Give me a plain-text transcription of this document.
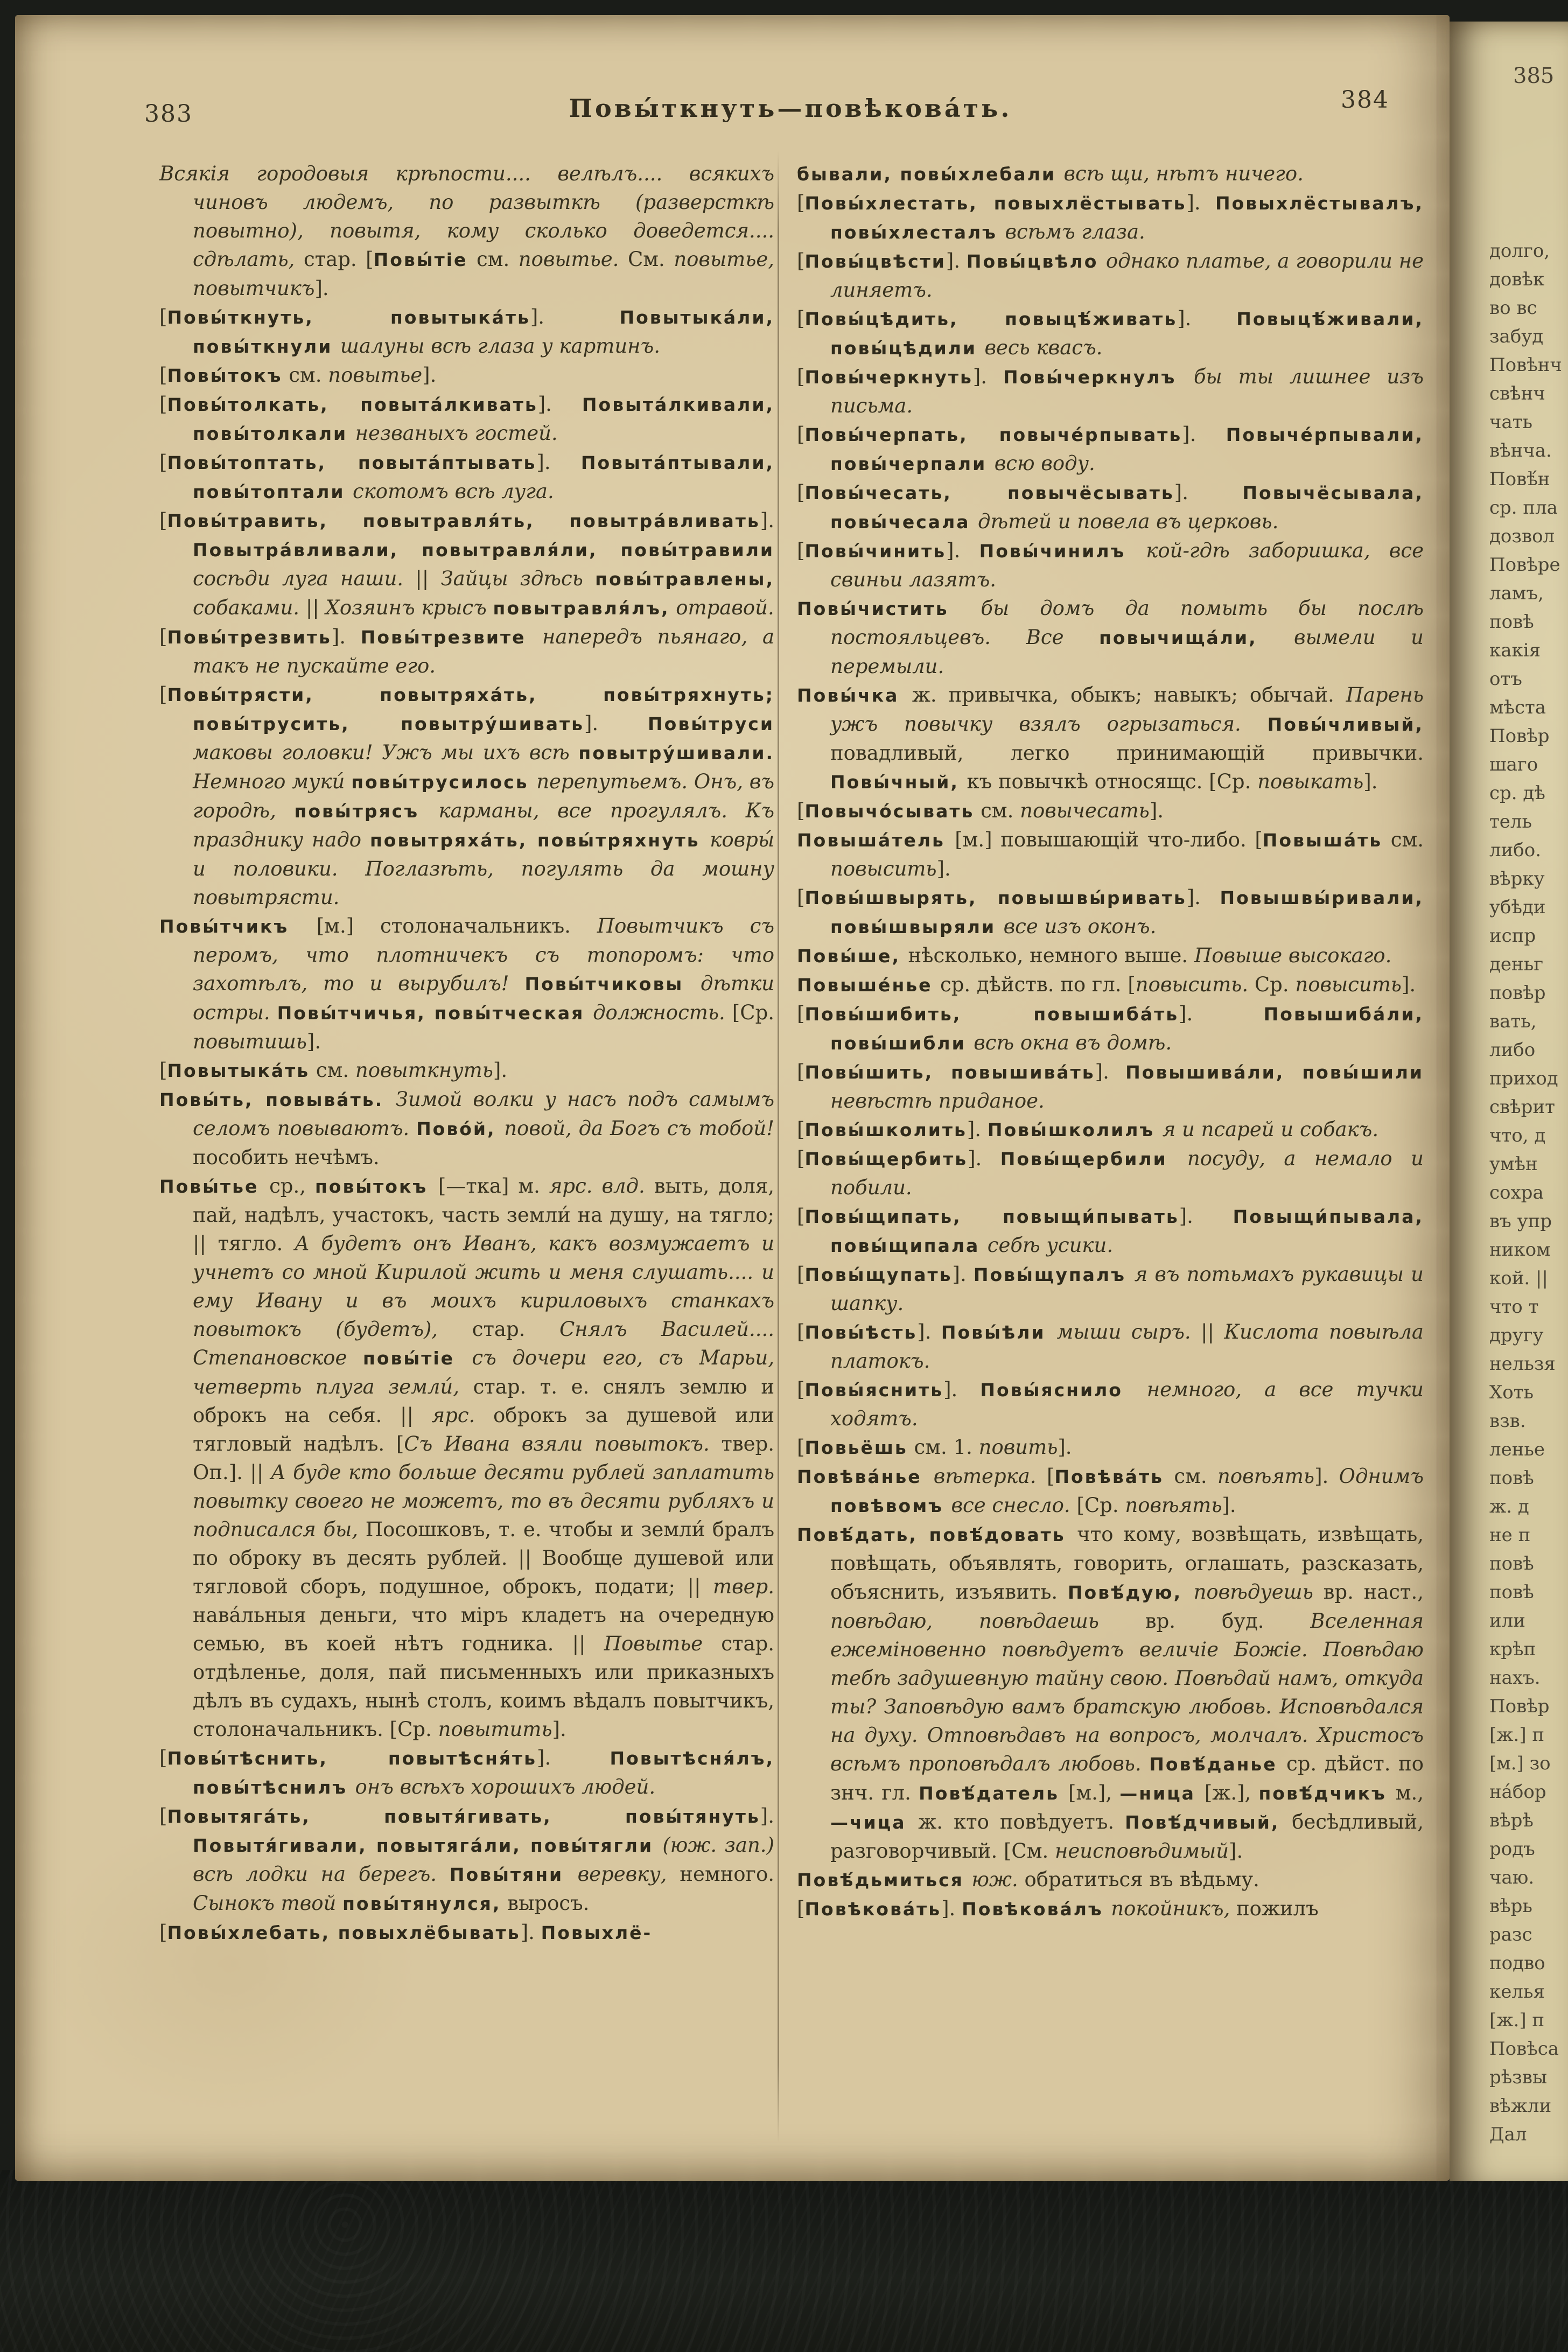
383	Повы́ткнуть—повѣкова́ть.	384

Всякія городовыя крѣпости.... велѣлъ.... всякихъ чиновъ людемъ, по развыткѣ (разверсткѣ повытно), повытя, кому сколько доведется.... сдѣлать, стар. [Повы́тіе см. повытье. См. повытье, повытчикъ].

[Повы́ткнуть, повытыка́ть]. Повытыка́ли, повы́ткнули шалуны всѣ глаза у картинъ.

[Повы́токъ см. повытье].

[Повы́толкать, повыта́лкивать]. Повыта́лкивали, повы́толкали незваныхъ гостей.

[Повы́топтать, повыта́птывать]. Повыта́птывали, повы́топтали скотомъ всѣ луга.

[Повы́травить, повытравля́ть, повытра́вливать]. Повытра́вливали, повытравля́ли, повы́травили сосѣди луга наши. || Зайцы здѣсь повы́травлены, собаками. || Хозяинъ крысъ повытравля́лъ, отравой.

[Повы́трезвить]. Повы́трезвите напередъ пьянаго, а такъ не пускайте его.

[Повы́трясти, повытряха́ть, повы́тряхнуть; повы́трусить, повытру́шивать]. Повы́труси маковы головки! Ужъ мы ихъ всѣ повытру́шивали. Немного муки́ повы́трусилось перепутьемъ. Онъ, въ городѣ, повы́трясъ карманы, все прогулялъ. Къ празднику надо повытряха́ть, повы́тряхнуть ковры́ и половики. Поглазѣть, погулять да мошну повытрясти.

Повы́тчикъ [м.] столоначальникъ. Повытчикъ съ перомъ, что плотничекъ съ топоромъ: что захотѣлъ, то и вырубилъ! Повы́тчиковы дѣтки остры. Повы́тчичья, повы́тческая должность. [Ср. повытишь].

[Повытыка́ть см. повыткнуть].

Повы́ть, повыва́ть. Зимой волки у насъ подъ самымъ селомъ повываютъ. Пово́й, повой, да Богъ съ тобой! пособить нечѣмъ.

Повы́тье ср., повы́токъ [—тка] м. ярс. влд. выть, доля, пай, надѣлъ, участокъ, часть земли́ на душу, на тягло; || тягло. А будетъ онъ Иванъ, какъ возмужаетъ и учнетъ со мной Кирилой жить и меня слушать.... и ему Ивану и въ моихъ кириловыхъ станкахъ повытокъ (будетъ), стар. Снялъ Василей.... Степановское повы́тіе съ дочери его, съ Марьи, четверть плуга земли́, стар. т. е. снялъ землю и оброкъ на себя. || ярс. оброкъ за душевой или тягловый надѣлъ. [Съ Ивана взяли повытокъ. твер. Оп.]. || А буде кто больше десяти рублей заплатить повытку своего не можетъ, то въ десяти рубляхъ и подписался бы, Посошковъ, т. е. чтобы и земли́ бралъ по оброку въ десять рублей. || Вообще душевой или тягловой сборъ, подушное, оброкъ, подати; || твер. нава́льныя деньги, что міръ кладетъ на очередную семью, въ коей нѣтъ годника. || Повытье стар. отдѣленье, доля, пай письменныхъ или приказныхъ дѣлъ въ судахъ, нынѣ столъ, коимъ вѣдалъ повытчикъ, столоначальникъ. [Ср. повытить].

[Повы́тѣснить, повытѣсня́ть]. Повытѣсня́лъ, повы́тѣснилъ онъ всѣхъ хорошихъ людей.

[Повытяга́ть, повытя́гивать, повы́тянуть]. Повытя́гивали, повытяга́ли, повы́тягли (юж. зап.) всѣ лодки на берегъ. Повы́тяни веревку, немного. Сынокъ твой повы́тянулся, выросъ.

[Повы́хлебать, повыхлёбывать]. Повыхлё-

бывали, повы́хлебали всѣ щи, нѣтъ ничего.

[Повы́хлестать, повыхлёстывать]. Повыхлёстывалъ, повы́хлесталъ всѣмъ глаза.

[Повы́цвѣсти]. Повы́цвѣло однако платье, а говорили не линяетъ.

[Повы́цѣдить, повыцѣ́живать]. Повыцѣ́живали, повы́цѣдили весь квасъ.

[Повы́черкнуть]. Повы́черкнулъ бы ты лишнее изъ письма.

[Повы́черпать, повыче́рпывать]. Повыче́рпывали, повы́черпали всю воду.

[Повы́чесать, повычёсывать]. Повычёсывала, повы́чесала дѣтей и повела въ церковь.

[Повы́чинить]. Повы́чинилъ кой-гдѣ заборишка, все свиньи лазятъ.

Повы́чистить бы домъ да помыть бы послѣ постояльцевъ. Все повычища́ли, вымели и перемыли.

Повы́чка ж. привычка, обыкъ; навыкъ; обычай. Парень ужъ повычку взялъ огрызаться. Повы́чливый, повадливый, легко принимающій привычки. Повы́чный, къ повычкѣ относящс. [Ср. повыкать].

[Повычо́сывать см. повычесать].

Повыша́тель [м.] повышающій что-либо. [Повыша́ть см. повысить].

[Повы́швырять, повышвы́ривать]. Повышвы́ривали, повы́швыряли все изъ оконъ.

Повы́ше, нѣсколько, немного выше. Повыше высокаго.

Повыше́нье ср. дѣйств. по гл. [повысить. Ср. повысить].

[Повы́шибить, повышиба́ть]. Повышиба́ли, повы́шибли всѣ окна въ домѣ.

[Повы́шить, повышива́ть]. Повышива́ли, повы́шили невѣстѣ приданое.

[Повы́школить]. Повы́школилъ я и псарей и собакъ.

[Повы́щербить]. Повы́щербили посуду, а немало и побили.

[Повы́щипать, повыщи́пывать]. Повыщи́пывала, повы́щипала себѣ усики.

[Повы́щупать]. Повы́щупалъ я въ потьмахъ рукавицы и шапку.

[Повы́ѣсть]. Повы́ѣли мыши сыръ. || Кислота повыѣла платокъ.

[Повы́яснить]. Повы́яснило немного, а все тучки ходятъ.

[Повьёшь см. 1. повить].

Повѣва́нье вѣтерка. [Повѣва́ть см. повѣять]. Однимъ повѣвомъ все снесло. [Ср. повѣять].

Повѣ́дать, повѣ́довать что кому, возвѣщать, извѣщать, повѣщать, объявлять, говорить, оглашать, разсказать, объяснить, изъявить. Повѣ́дую, повѣдуешь вр. наст., повѣдаю, повѣдаешь вр. буд. Вселенная ежеміновенно повѣдуетъ величіе Божіе. Повѣдаю тебѣ задушевную тайну свою. Повѣдай намъ, откуда ты? Заповѣдую вамъ братскую любовь. Исповѣдался на духу. Отповѣдавъ на вопросъ, молчалъ. Христосъ всѣмъ проповѣдалъ любовь. Повѣ́данье ср. дѣйст. по знч. гл. Повѣ́датель [м.], —ница [ж.], повѣ́дчикъ м., —чица ж. кто повѣдуетъ. Повѣ́дчивый, бесѣдливый, разговорчивый. [См. неисповѣдимый].

Повѣ́дьмиться юж. обратиться въ вѣдьму.

[Повѣкова́ть]. Повѣкова́лъ покойникъ, пожилъ

385
долго,
довѣк
во вс
забуд
Повѣнч
свѣнч
чать
вѣнча.
Повѣ́н
ср. пла
дозвол
Повѣре
ламъ,
повѣ
какія
отъ
мѣста
Повѣр
шаго
ср. дѣ
тель
либо.
вѣрку
убѣди
испр
деньг
повѣр
вать,
либо
приход
свѣрит
что, д
умѣн
сохра
въ упр
ником
кой. ||
что т
другу
нельзя
Хоть
взв.
ленье
повѣ
ж. д
не п
повѣ
повѣ
или
крѣп
нахъ.
Повѣр
[ж.] п
[м.] зо
на́бор
вѣрѣ
родъ
чаю.
вѣрь
разс
подво
келья
[ж.] п
Повѣса
рѣзвы
вѣжли
Дал
